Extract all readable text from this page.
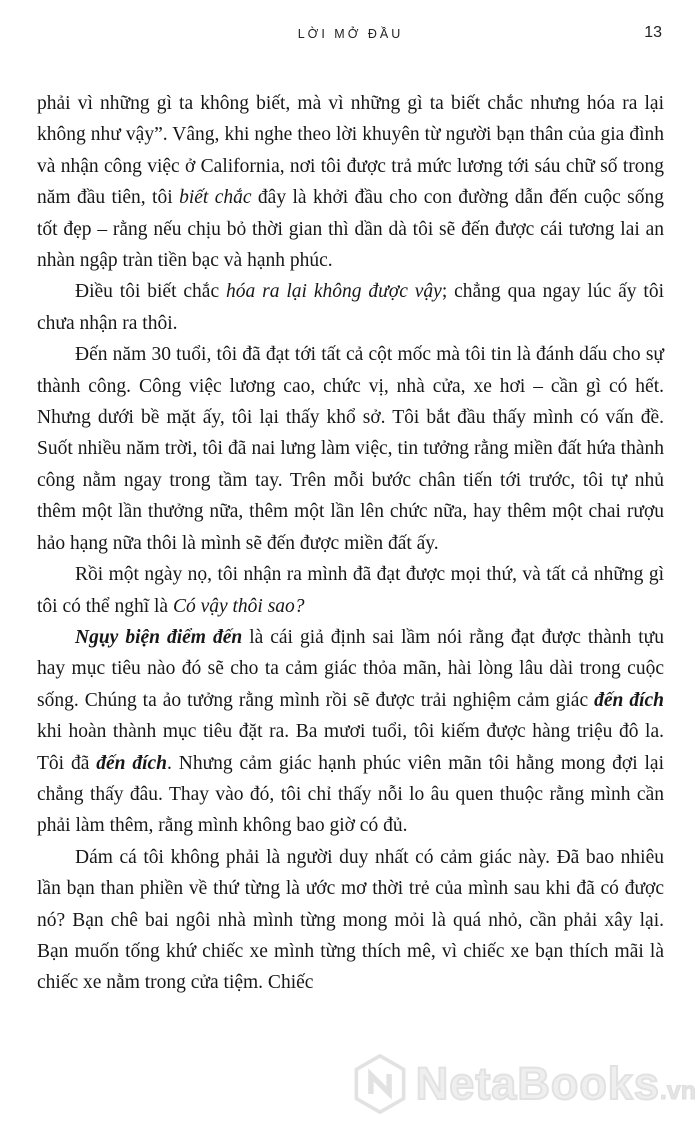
LỜI MỞ ĐẦU	13

phải vì những gì ta không biết, mà vì những gì ta biết chắc nhưng hóa ra lại không như vậy”. Vâng, khi nghe theo lời khuyên từ người bạn thân của gia đình và nhận công việc ở California, nơi tôi được trả mức lương tới sáu chữ số trong năm đầu tiên, tôi biết chắc đây là khởi đầu cho con đường dẫn đến cuộc sống tốt đẹp – rằng nếu chịu bỏ thời gian thì dần dà tôi sẽ đến được cái tương lai an nhàn ngập tràn tiền bạc và hạnh phúc.

Điều tôi biết chắc hóa ra lại không được vậy; chẳng qua ngay lúc ấy tôi chưa nhận ra thôi.

Đến năm 30 tuổi, tôi đã đạt tới tất cả cột mốc mà tôi tin là đánh dấu cho sự thành công. Công việc lương cao, chức vị, nhà cửa, xe hơi – cần gì có hết. Nhưng dưới bề mặt ấy, tôi lại thấy khổ sở. Tôi bắt đầu thấy mình có vấn đề. Suốt nhiều năm trời, tôi đã nai lưng làm việc, tin tưởng rằng miền đất hứa thành công nằm ngay trong tầm tay. Trên mỗi bước chân tiến tới trước, tôi tự nhủ thêm một lần thưởng nữa, thêm một lần lên chức nữa, hay thêm một chai rượu hảo hạng nữa thôi là mình sẽ đến được miền đất ấy.

Rồi một ngày nọ, tôi nhận ra mình đã đạt được mọi thứ, và tất cả những gì tôi có thể nghĩ là Có vậy thôi sao?

Ngụy biện điểm đến là cái giả định sai lầm nói rằng đạt được thành tựu hay mục tiêu nào đó sẽ cho ta cảm giác thỏa mãn, hài lòng lâu dài trong cuộc sống. Chúng ta ảo tưởng rằng mình rồi sẽ được trải nghiệm cảm giác đến đích khi hoàn thành mục tiêu đặt ra. Ba mươi tuổi, tôi kiếm được hàng triệu đô la. Tôi đã đến đích. Nhưng cảm giác hạnh phúc viên mãn tôi hằng mong đợi lại chẳng thấy đâu. Thay vào đó, tôi chỉ thấy nỗi lo âu quen thuộc rằng mình cần phải làm thêm, rằng mình không bao giờ có đủ.

Dám cá tôi không phải là người duy nhất có cảm giác này. Đã bao nhiêu lần bạn than phiền về thứ từng là ước mơ thời trẻ của mình sau khi đã có được nó? Bạn chê bai ngôi nhà mình từng mong mỏi là quá nhỏ, cần phải xây lại. Bạn muốn tống khứ chiếc xe mình từng thích mê, vì chiếc xe bạn thích mãi là chiếc xe nằm trong cửa tiệm. Chiếc

NetaBooks.vn
